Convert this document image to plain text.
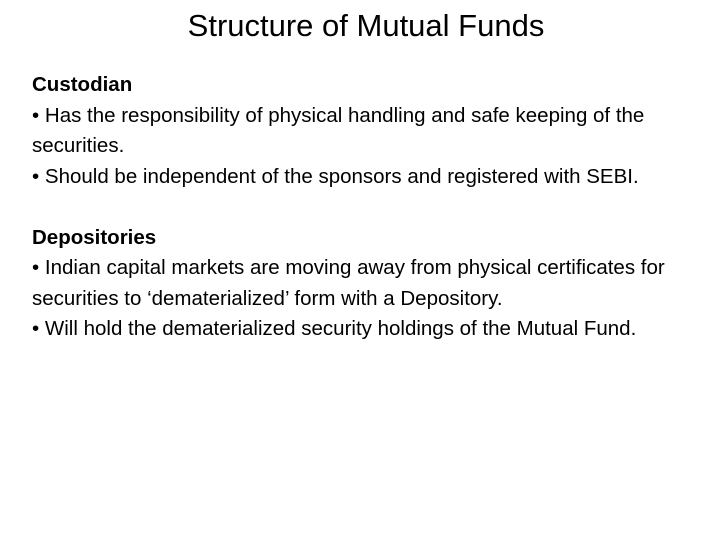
Structure of Mutual Funds

Custodian

• Has the responsibility of physical handling and safe keeping of the securities.

• Should be independent of the sponsors and registered with SEBI.

Depositories

• Indian capital markets are moving away from physical certificates for securities to ‘dematerialized’ form with a Depository.

• Will hold the dematerialized security holdings of the Mutual Fund.
